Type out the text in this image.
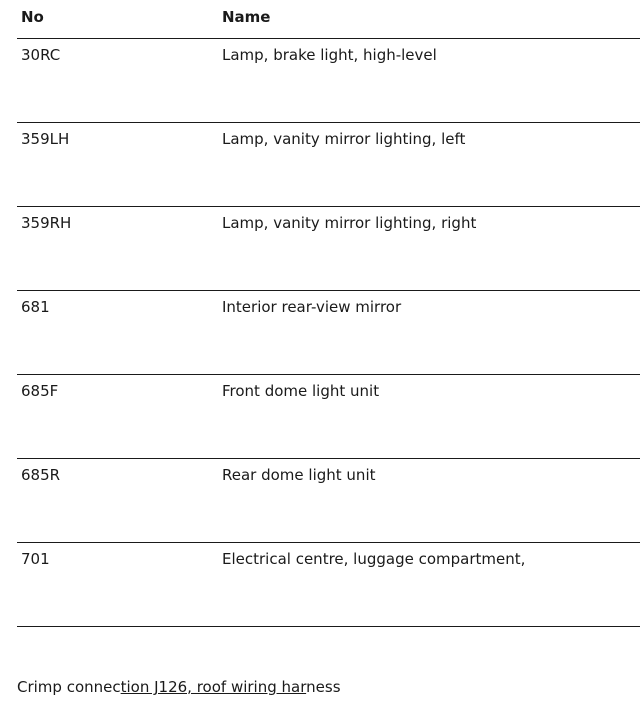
No	Name
30RC	Lamp, brake light, high-level
359LH	Lamp, vanity mirror lighting, left
359RH	Lamp, vanity mirror lighting, right
681	Interior rear-view mirror
685F	Front dome light unit
685R	Rear dome light unit
701	Electrical centre, luggage compartment,
Crimp connection J126, roof wiring harness
